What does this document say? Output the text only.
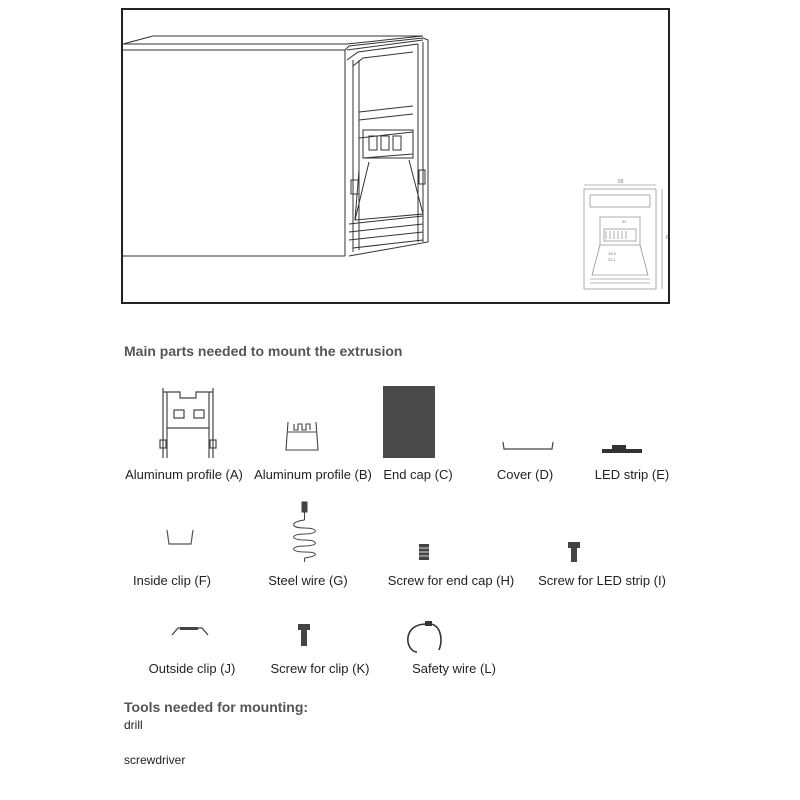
65
66
32
18.5
22.1
Main parts needed to mount the extrusion
Aluminum profile (A) Aluminum profile (B) End cap (C)	Cover (D)	LED strip (E)
Inside clip (F)	Steel wire (G)	Screw for end cap (H) Screw for LED strip (I)
Outside clip (J)	Screw for clip (K)	Safety wire (L)
Tools needed for mounting:
drill
screwdriver
